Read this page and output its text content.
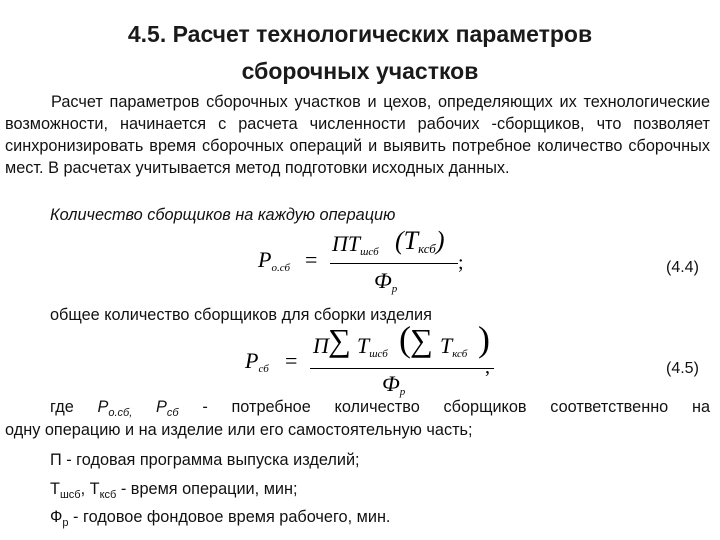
4.5. Расчет технологических параметров
сборочных участков
Расчет параметров сборочных участков и цехов, определяющих их технологические возможности, начинается с расчета численности рабочих -сборщиков, что позволяет синхронизировать время сборочных операций и выявить потребное количество сборочных мест. В расчетах учитывается метод подготовки исходных данных.
Количество сборщиков на каждую операцию
$P_{о.сб}$ =
$ПT_{шсб}$ $(T_{ксб})$
$Ф_р$
;	(4.4)
общее количество сборщиков для сборки изделия
$P_{сб}$ =
П ∑ $T_{шсб}$ ( ∑ $T_{ксб}$ )
$Ф_р$
,	(4.5)
где $P_{о.сб,}$ $P_{сб}$ - потребное количество сборщиков соответственно на
одну операцию и на изделие или его самостоятельную часть;
П - годовая программа выпуска изделий;
$Т_{шсб}$, $Т_{ксб}$ - время операции, мин;
$Ф_р$ - годовое фондовое время рабочего, мин.
